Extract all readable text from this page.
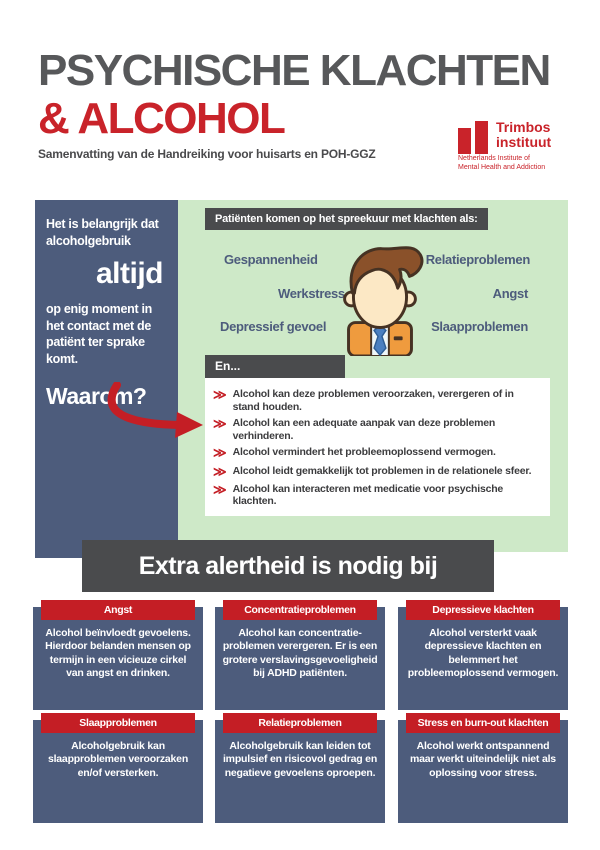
PSYCHISCHE KLACHTEN
& ALCOHOL
Samenvatting van de Handreiking voor huisarts en POH-GGZ
Trimbos
instituut
Netherlands Institute of
Mental Health and Addiction
Het is belangrijk dat alcoholgebruik
altijd
op enig moment in het contact met de patiënt ter sprake komt.
Waarom?
Patiënten komen op het spreekuur met klachten als:
Gespannenheid	Relatieproblemen
Werkstress	Angst
Depressief gevoel	Slaapproblemen
En...
≫ Alcohol kan deze problemen veroorzaken, verergeren of in stand houden.
≫ Alcohol kan een adequate aanpak van deze problemen verhinderen.
≫ Alcohol vermindert het probleemoplossend vermogen.
≫ Alcohol leidt gemakkelijk tot problemen in de relationele sfeer.
≫ Alcohol kan interacteren met medicatie voor psychische klachten.
Extra alertheid is nodig bij
Angst
Alcohol beïnvloedt gevoelens. Hierdoor belanden mensen op termijn in een vicieuze cirkel van angst en drinken.
Concentratieproblemen
Alcohol kan concentratie-problemen verergeren. Er is een grotere verslavingsgevoeligheid bij ADHD patiënten.
Depressieve klachten
Alcohol versterkt vaak depressieve klachten en belemmert het probleemoplossend vermogen.
Slaapproblemen
Alcoholgebruik kan slaapproblemen veroorzaken en/of versterken.
Relatieproblemen
Alcoholgebruik kan leiden tot impulsief en risicovol gedrag en negatieve gevoelens oproepen.
Stress en burn-out klachten
Alcohol werkt ontspannend maar werkt uiteindelijk niet als oplossing voor stress.
